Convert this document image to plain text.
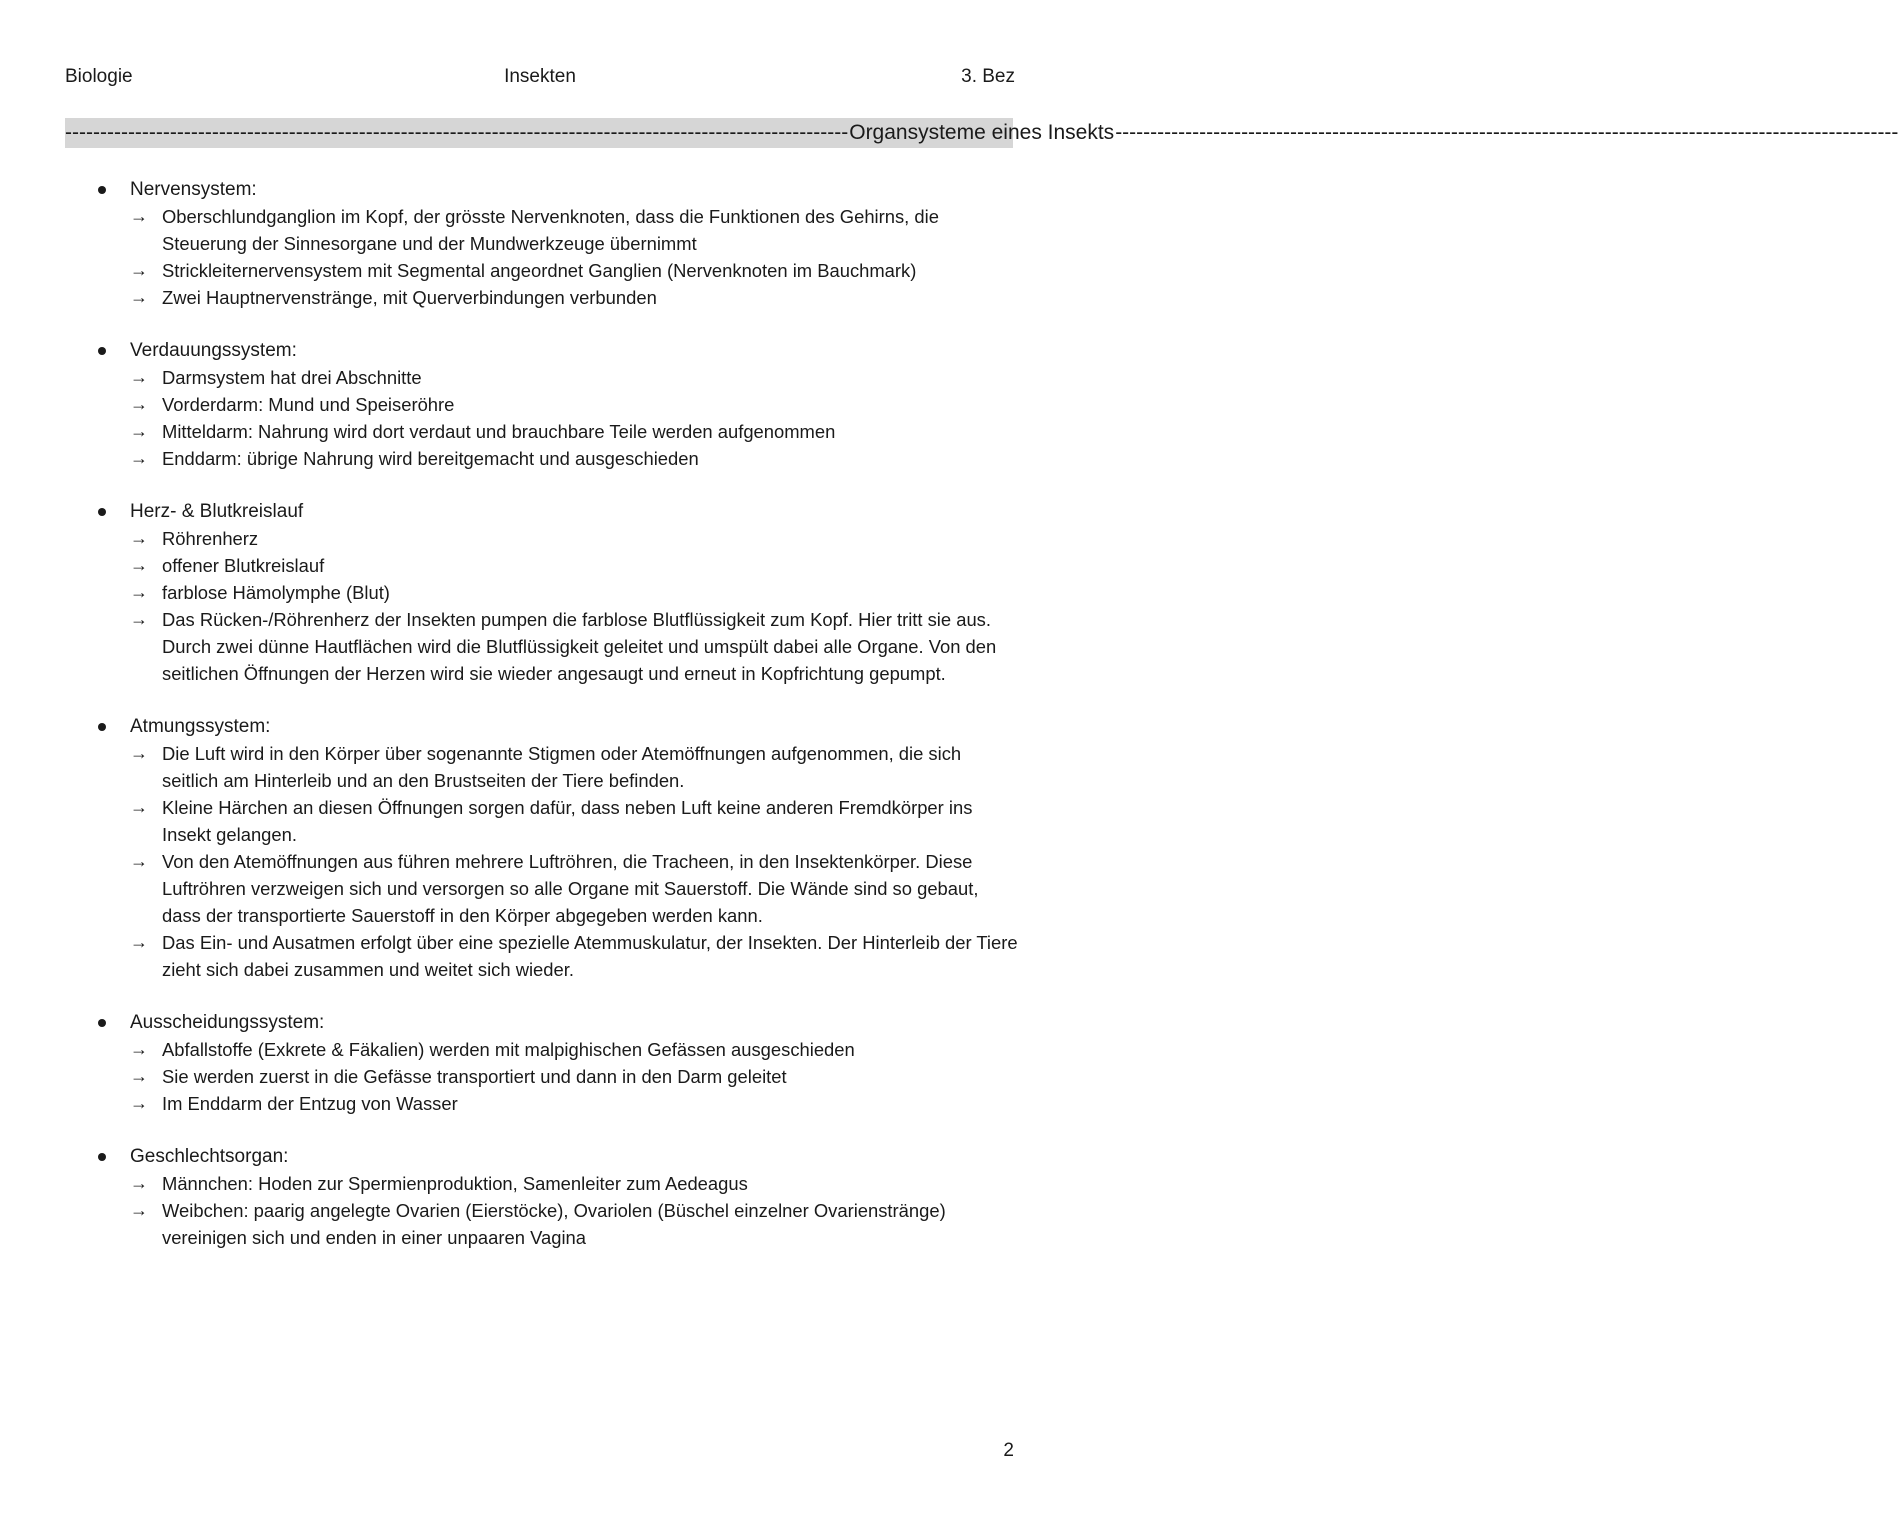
Biologie	Insekten	3. Bez
---------------------------------------------------------------------------------------------------------------- Organsysteme eines Insekts ----------------------------------------------------------------------------------------------------------------
Nervensystem:
→ Oberschlundganglion im Kopf, der grösste Nervenknoten, dass die Funktionen des Gehirns, die Steuerung der Sinnesorgane und der Mundwerkzeuge übernimmt
→ Strickleiternervensystem mit Segmental angeordnet Ganglien (Nervenknoten im Bauchmark)
→ Zwei Hauptnervenstränge, mit Querverbindungen verbunden
Verdauungssystem:
→ Darmsystem hat drei Abschnitte
→ Vorderdarm: Mund und Speiseröhre
→ Mitteldarm: Nahrung wird dort verdaut und brauchbare Teile werden aufgenommen
→ Enddarm: übrige Nahrung wird bereitgemacht und ausgeschieden
Herz- & Blutkreislauf
→ Röhrenherz
→ offener Blutkreislauf
→ farblose Hämolymphe (Blut)
→ Das Rücken-/Röhrenherz der Insekten pumpen die farblose Blutflüssigkeit zum Kopf. Hier tritt sie aus. Durch zwei dünne Hautflächen wird die Blutflüssigkeit geleitet und umspült dabei alle Organe. Von den seitlichen Öffnungen der Herzen wird sie wieder angesaugt und erneut in Kopfrichtung gepumpt.
Atmungssystem:
→ Die Luft wird in den Körper über sogenannte Stigmen oder Atemöffnungen aufgenommen, die sich seitlich am Hinterleib und an den Brustseiten der Tiere befinden.
→ Kleine Härchen an diesen Öffnungen sorgen dafür, dass neben Luft keine anderen Fremdkörper ins Insekt gelangen.
→ Von den Atemöffnungen aus führen mehrere Luftröhren, die Tracheen, in den Insektenkörper. Diese Luftröhren verzweigen sich und versorgen so alle Organe mit Sauerstoff. Die Wände sind so gebaut, dass der transportierte Sauerstoff in den Körper abgegeben werden kann.
→ Das Ein- und Ausatmen erfolgt über eine spezielle Atemmuskulatur, der Insekten. Der Hinterleib der Tiere zieht sich dabei zusammen und weitet sich wieder.
Ausscheidungssystem:
→ Abfallstoffe (Exkrete & Fäkalien) werden mit malpighischen Gefässen ausgeschieden
→ Sie werden zuerst in die Gefässe transportiert und dann in den Darm geleitet
→ Im Enddarm der Entzug von Wasser
Geschlechtsorgan:
→ Männchen: Hoden zur Spermienproduktion, Samenleiter zum Aedeagus
→ Weibchen: paarig angelegte Ovarien (Eierstöcke), Ovariolen (Büschel einzelner Ovarienstränge) vereinigen sich und enden in einer unpaaren Vagina
2
